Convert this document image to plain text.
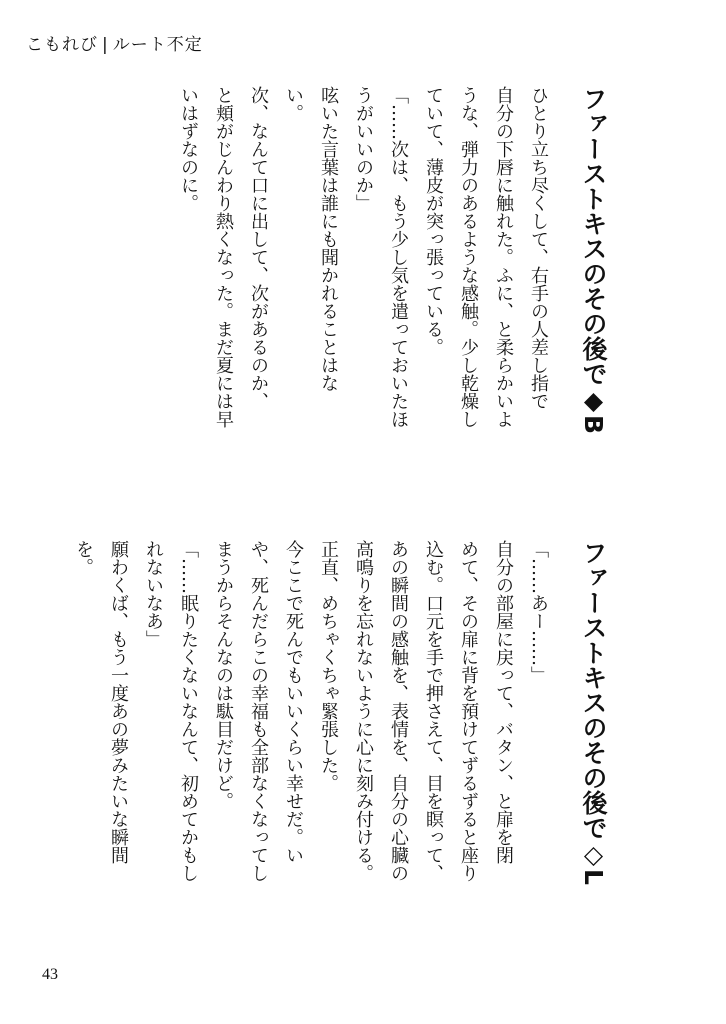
こもれび | ルート不定
ファーストキスのその後で◆B

ひとり立ち尽くして、右手の人差し指で

自分の下唇に触れた。ふに、と柔らかいよ

うな、弾力のあるような感触。少し乾燥し

ていて、薄皮が突っ張っている。

「……次は、もう少し気を遣っておいたほ

うがいいのか」

呟いた言葉は誰にも聞かれることはな

い。

次、なんて口に出して、次があるのか、

と頬がじんわり熱くなった。まだ夏には早

いはずなのに。

ファーストキスのその後で◇L

「……あー……」

自分の部屋に戻って、バタン、と扉を閉

めて、その扉に背を預けてずるずると座り

込む。口元を手で押さえて、目を瞑って、

あの瞬間の感触を、表情を、自分の心臓の

高鳴りを忘れないように心に刻み付ける。

正直、めちゃくちゃ緊張した。

今ここで死んでもいいくらい幸せだ。い

や、死んだらこの幸福も全部なくなってし

まうからそんなのは駄目だけど。

「……眠りたくないなんて、初めてかもし

れないなあ」

願わくば、もう一度あの夢みたいな瞬間

を。

43
